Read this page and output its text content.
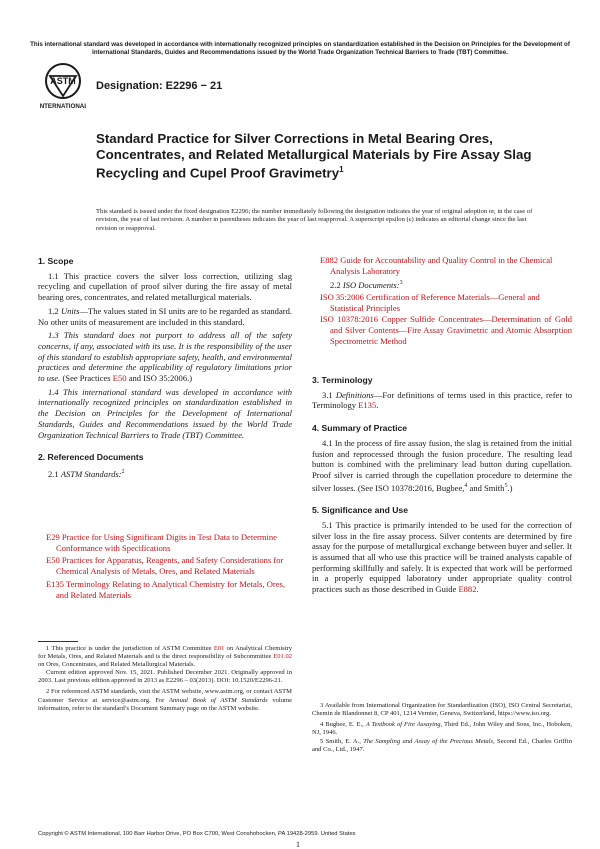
This international standard was developed in accordance with internationally recognized principles on standardization established in the Decision on Principles for the Development of International Standards, Guides and Recommendations issued by the World Trade Organization Technical Barriers to Trade (TBT) Committee.
ASTM
INTERNATIONAL
Designation: E2296 − 21
Standard Practice for Silver Corrections in Metal Bearing Ores, Concentrates, and Related Metallurgical Materials by Fire Assay Slag Recycling and Cupel Proof Gravimetry$^1$
This standard is issued under the fixed designation E2296; the number immediately following the designation indicates the year of original adoption or, in the case of revision, the year of last revision. A number in parentheses indicates the year of last reapproval. A superscript epsilon (ε) indicates an editorial change since the last revision or reapproval.

1. Scope

1.1 This practice covers the silver loss correction, utilizing slag recycling and cupellation of proof silver during the fire assay of metal bearing ores, concentrates, and related metallurgical materials.

1.2 Units—The values stated in SI units are to be regarded as standard. No other units of measurement are included in this standard.

1.3 This standard does not purport to address all of the safety concerns, if any, associated with its use. It is the responsibility of the user of this standard to establish appropriate safety, health, and environmental practices and determine the applicability of regulatory limitations prior to use. (See Practices E50 and ISO 35:2006.)

1.4 This international standard was developed in accordance with internationally recognized principles on standardization established in the Decision on Principles for the Development of International Standards, Guides and Recommendations issued by the World Trade Organization Technical Barriers to Trade (TBT) Committee.

2. Referenced Documents

2.1 ASTM Standards:$^2$

E29 Practice for Using Significant Digits in Test Data to Determine Conformance with Specifications
E50 Practices for Apparatus, Reagents, and Safety Considerations for Chemical Analysis of Metals, Ores, and Related Materials
E135 Terminology Relating to Analytical Chemistry for Metals, Ores, and Related Materials
E882 Guide for Accountability and Quality Control in the Chemical Analysis Laboratory

2.2 ISO Documents:$^3$

ISO 35:2006 Certification of Reference Materials—General and Statistical Principles
ISO 10378:2016 Copper Sulfide Concentrates—Determination of Gold and Silver Contents—Fire Assay Gravimetric and Atomic Absorption Spectrometric Method

3. Terminology

3.1 Definitions—For definitions of terms used in this practice, refer to Terminology E135.

4. Summary of Practice

4.1 In the process of fire assay fusion, the slag is retained from the initial fusion and reprocessed through the fusion procedure. The resulting lead button is combined with the preliminary lead button during cupellation. Proof silver is carried through the cupellation procedure to determine the silver losses. (See ISO 10378:2016, Bugbee,$^4$ and Smith$^5$.)

5. Significance and Use

5.1 This practice is primarily intended to be used for the correction of silver loss in the fire assay process. Silver contents are determined by fire assay for the purpose of metallurgical exchange between buyer and seller. It is assumed that all who use this practice will be trained analysts capable of performing skillfully and safely. It is expected that work will be performed in a properly equipped laboratory under appropriate quality control practices such as those described in Guide E882.

1 This practice is under the jurisdiction of ASTM Committee E01 on Analytical Chemistry for Metals, Ores, and Related Materials and is the direct responsibility of Subcommittee E01.02 on Ores, Concentrates, and Related Metallurgical Materials.

Current edition approved Nov. 15, 2021. Published December 2021. Originally approved in 2003. Last previous edition approved in 2013 as E2296 – 03(2013). DOI: 10.1520/E2296-21.

2 For referenced ASTM standards, visit the ASTM website, www.astm.org, or contact ASTM Customer Service at service@astm.org. For Annual Book of ASTM Standards volume information, refer to the standard’s Document Summary page on the ASTM website.	3 Available from International Organization for Standardization (ISO), ISO Central Secretariat, Chemin de Blandonnet 8, CP 401, 1214 Vernier, Geneva, Switzerland, https://www.iso.org.

4 Bugbee, E. E., A Textbook of Fire Assaying, Third Ed., John Wiley and Sons, Inc., Hoboken, NJ, 1946.

5 Smith, E. A., The Sampling and Assay of the Precious Metals, Second Ed., Charles Griffin and Co., Ltd., 1947.

Copyright © ASTM International, 100 Barr Harbor Drive, PO Box C700, West Conshohocken, PA 19428-2959. United States
1
